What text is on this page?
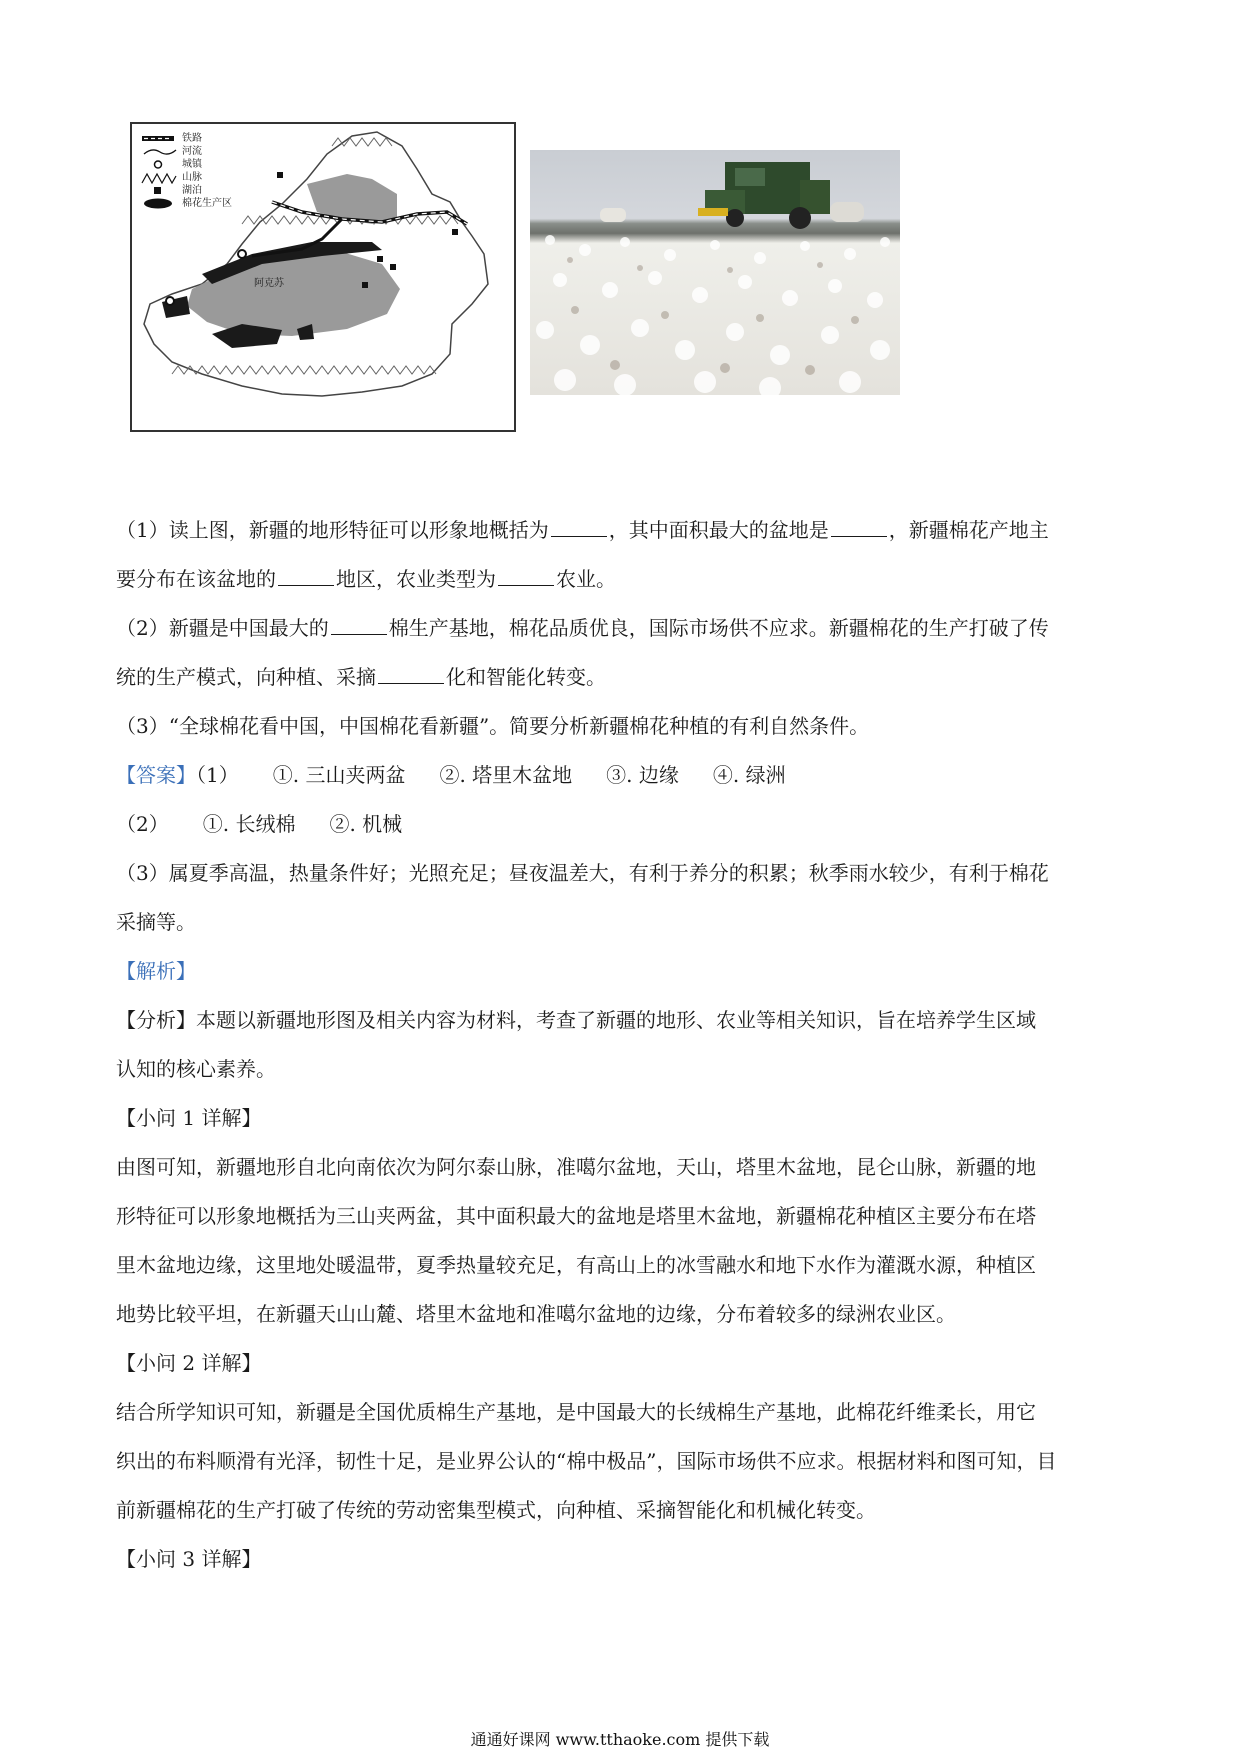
铁路
河流
城镇
山脉
湖泊
棉花生产区
阿克苏

（1）读上图，新疆的地形特征可以形象地概括为	，其中面积最大的盆地是	，新疆棉花产地主

要分布在该盆地的	地区，农业类型为	农业。

（2）新疆是中国最大的	棉生产基地，棉花品质优良，国际市场供不应求。新疆棉花的生产打破了传

统的生产模式，向种植、采摘	化和智能化转变。

（3）“全球棉花看中国，中国棉花看新疆”。简要分析新疆棉花种植的有利自然条件。

【答案】（1） ①. 三山夹两盆 ②. 塔里木盆地 ③. 边缘 ④. 绿洲

（2） ①. 长绒棉 ②. 机械

（3）属夏季高温，热量条件好；光照充足；昼夜温差大，有利于养分的积累；秋季雨水较少，有利于棉花

采摘等。

【解析】

【分析】本题以新疆地形图及相关内容为材料，考查了新疆的地形、农业等相关知识，旨在培养学生区域

认知的核心素养。

【小问 1 详解】

由图可知，新疆地形自北向南依次为阿尔泰山脉，准噶尔盆地，天山，塔里木盆地，昆仑山脉，新疆的地

形特征可以形象地概括为三山夹两盆，其中面积最大的盆地是塔里木盆地，新疆棉花种植区主要分布在塔

里木盆地边缘，这里地处暖温带，夏季热量较充足，有高山上的冰雪融水和地下水作为灌溉水源，种植区

地势比较平坦，在新疆天山山麓、塔里木盆地和准噶尔盆地的边缘，分布着较多的绿洲农业区。

【小问 2 详解】

结合所学知识可知，新疆是全国优质棉生产基地，是中国最大的长绒棉生产基地，此棉花纤维柔长，用它

织出的布料顺滑有光泽，韧性十足，是业界公认的“棉中极品”，国际市场供不应求。根据材料和图可知，目

前新疆棉花的生产打破了传统的劳动密集型模式，向种植、采摘智能化和机械化转变。

【小问 3 详解】

通通好课网 www.tthaoke.com 提供下载
